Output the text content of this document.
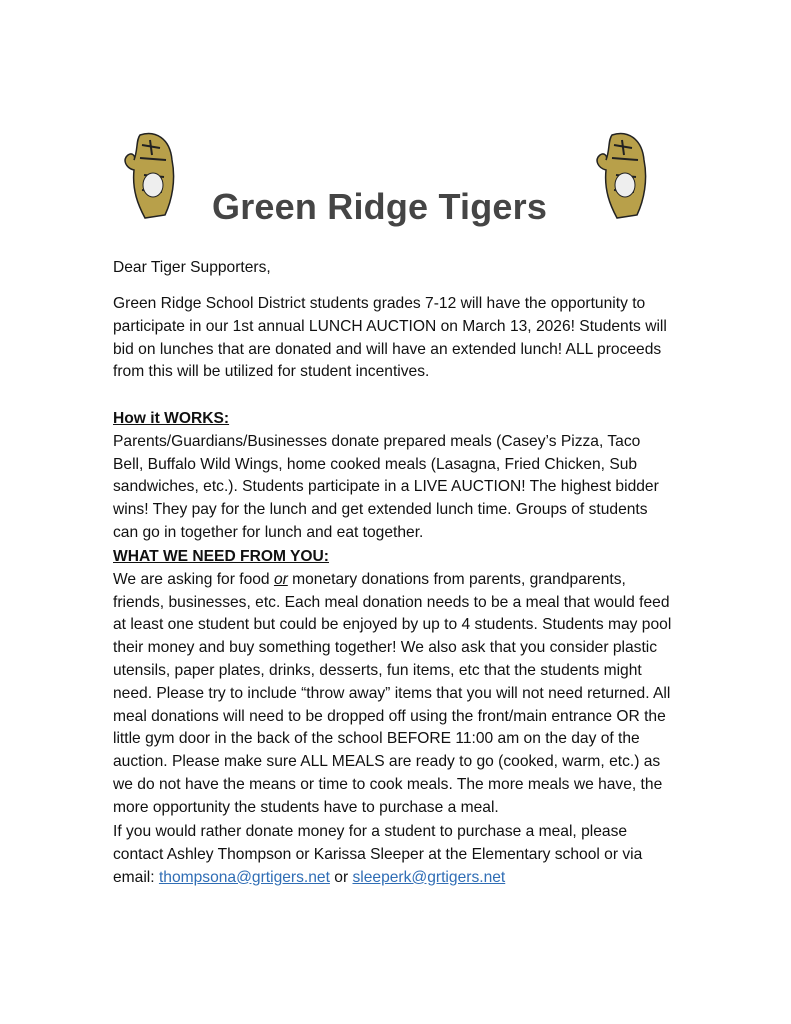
Green Ridge Tigers
Dear Tiger Supporters,
Green Ridge School District students grades 7-12 will have the opportunity to
participate in our 1st annual LUNCH AUCTION on March 13, 2026! Students will
bid on lunches that are donated and will have an extended lunch! ALL proceeds
from this will be utilized for student incentives.
How it WORKS:
Parents/Guardians/Businesses donate prepared meals (Casey’s Pizza, Taco
Bell, Buffalo Wild Wings, home cooked meals (Lasagna, Fried Chicken, Sub
sandwiches, etc.). Students participate in a LIVE AUCTION! The highest bidder
wins! They pay for the lunch and get extended lunch time. Groups of students
can go in together for lunch and eat together.
WHAT WE NEED FROM YOU:
We are asking for food or monetary donations from parents, grandparents,
friends, businesses, etc. Each meal donation needs to be a meal that would feed
at least one student but could be enjoyed by up to 4 students. Students may pool
their money and buy something together! We also ask that you consider plastic
utensils, paper plates, drinks, desserts, fun items, etc that the students might
need. Please try to include “throw away” items that you will not need returned. All
meal donations will need to be dropped off using the front/main entrance OR the
little gym door in the back of the school BEFORE 11:00 am on the day of the
auction. Please make sure ALL MEALS are ready to go (cooked, warm, etc.) as
we do not have the means or time to cook meals. The more meals we have, the
more opportunity the students have to purchase a meal.
If you would rather donate money for a student to purchase a meal, please
contact Ashley Thompson or Karissa Sleeper at the Elementary school or via
email: thompsona@grtigers.net or sleeperk@grtigers.net
